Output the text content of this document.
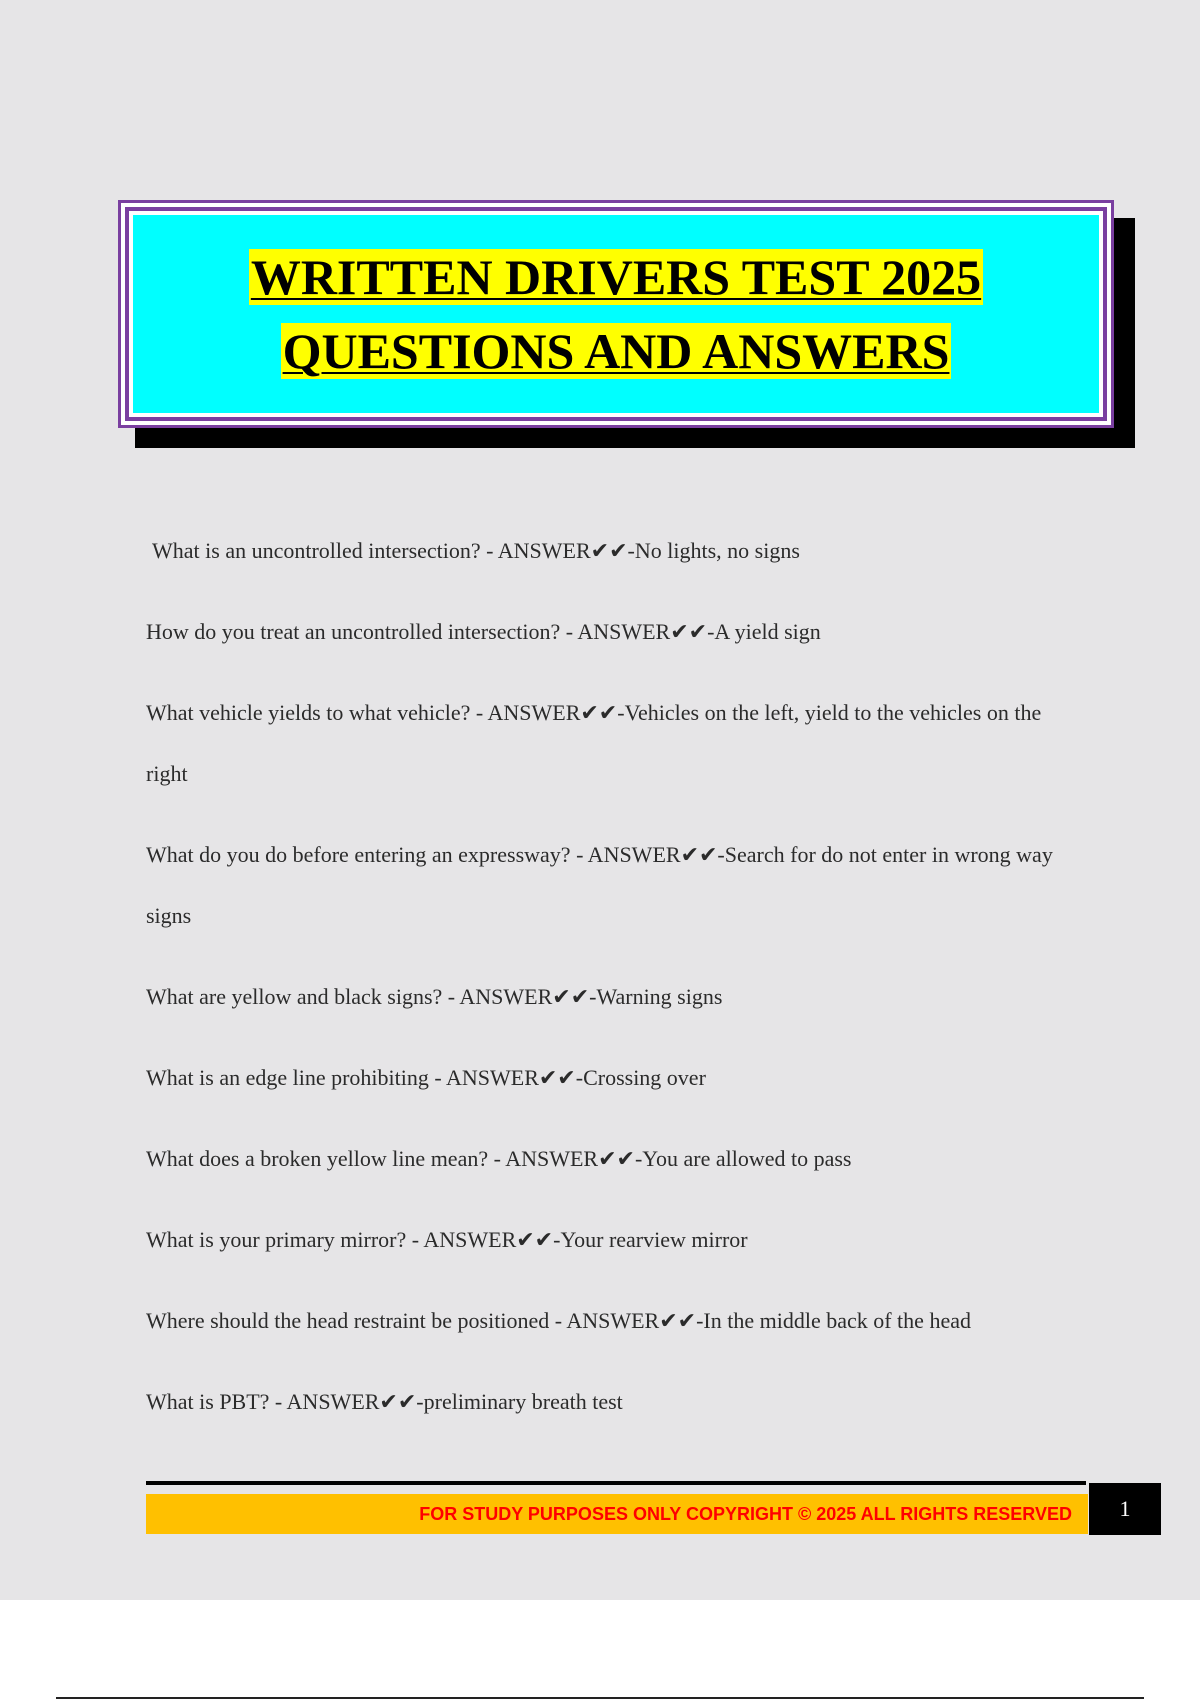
WRITTEN DRIVERS TEST 2025
QUESTIONS AND ANSWERS
What is an uncontrolled intersection? - ANSWER✔✔-No lights, no signs
How do you treat an uncontrolled intersection? - ANSWER✔✔-A yield sign
What vehicle yields to what vehicle? - ANSWER✔✔-Vehicles on the left, yield to the vehicles on the right
What do you do before entering an expressway? - ANSWER✔✔-Search for do not enter in wrong way signs
What are yellow and black signs? - ANSWER✔✔-Warning signs
What is an edge line prohibiting - ANSWER✔✔-Crossing over
What does a broken yellow line mean? - ANSWER✔✔-You are allowed to pass
What is your primary mirror? - ANSWER✔✔-Your rearview mirror
Where should the head restraint be positioned - ANSWER✔✔-In the middle back of the head
What is PBT? - ANSWER✔✔-preliminary breath test
FOR STUDY PURPOSES ONLY COPYRIGHT © 2025 ALL RIGHTS RESERVED 1
